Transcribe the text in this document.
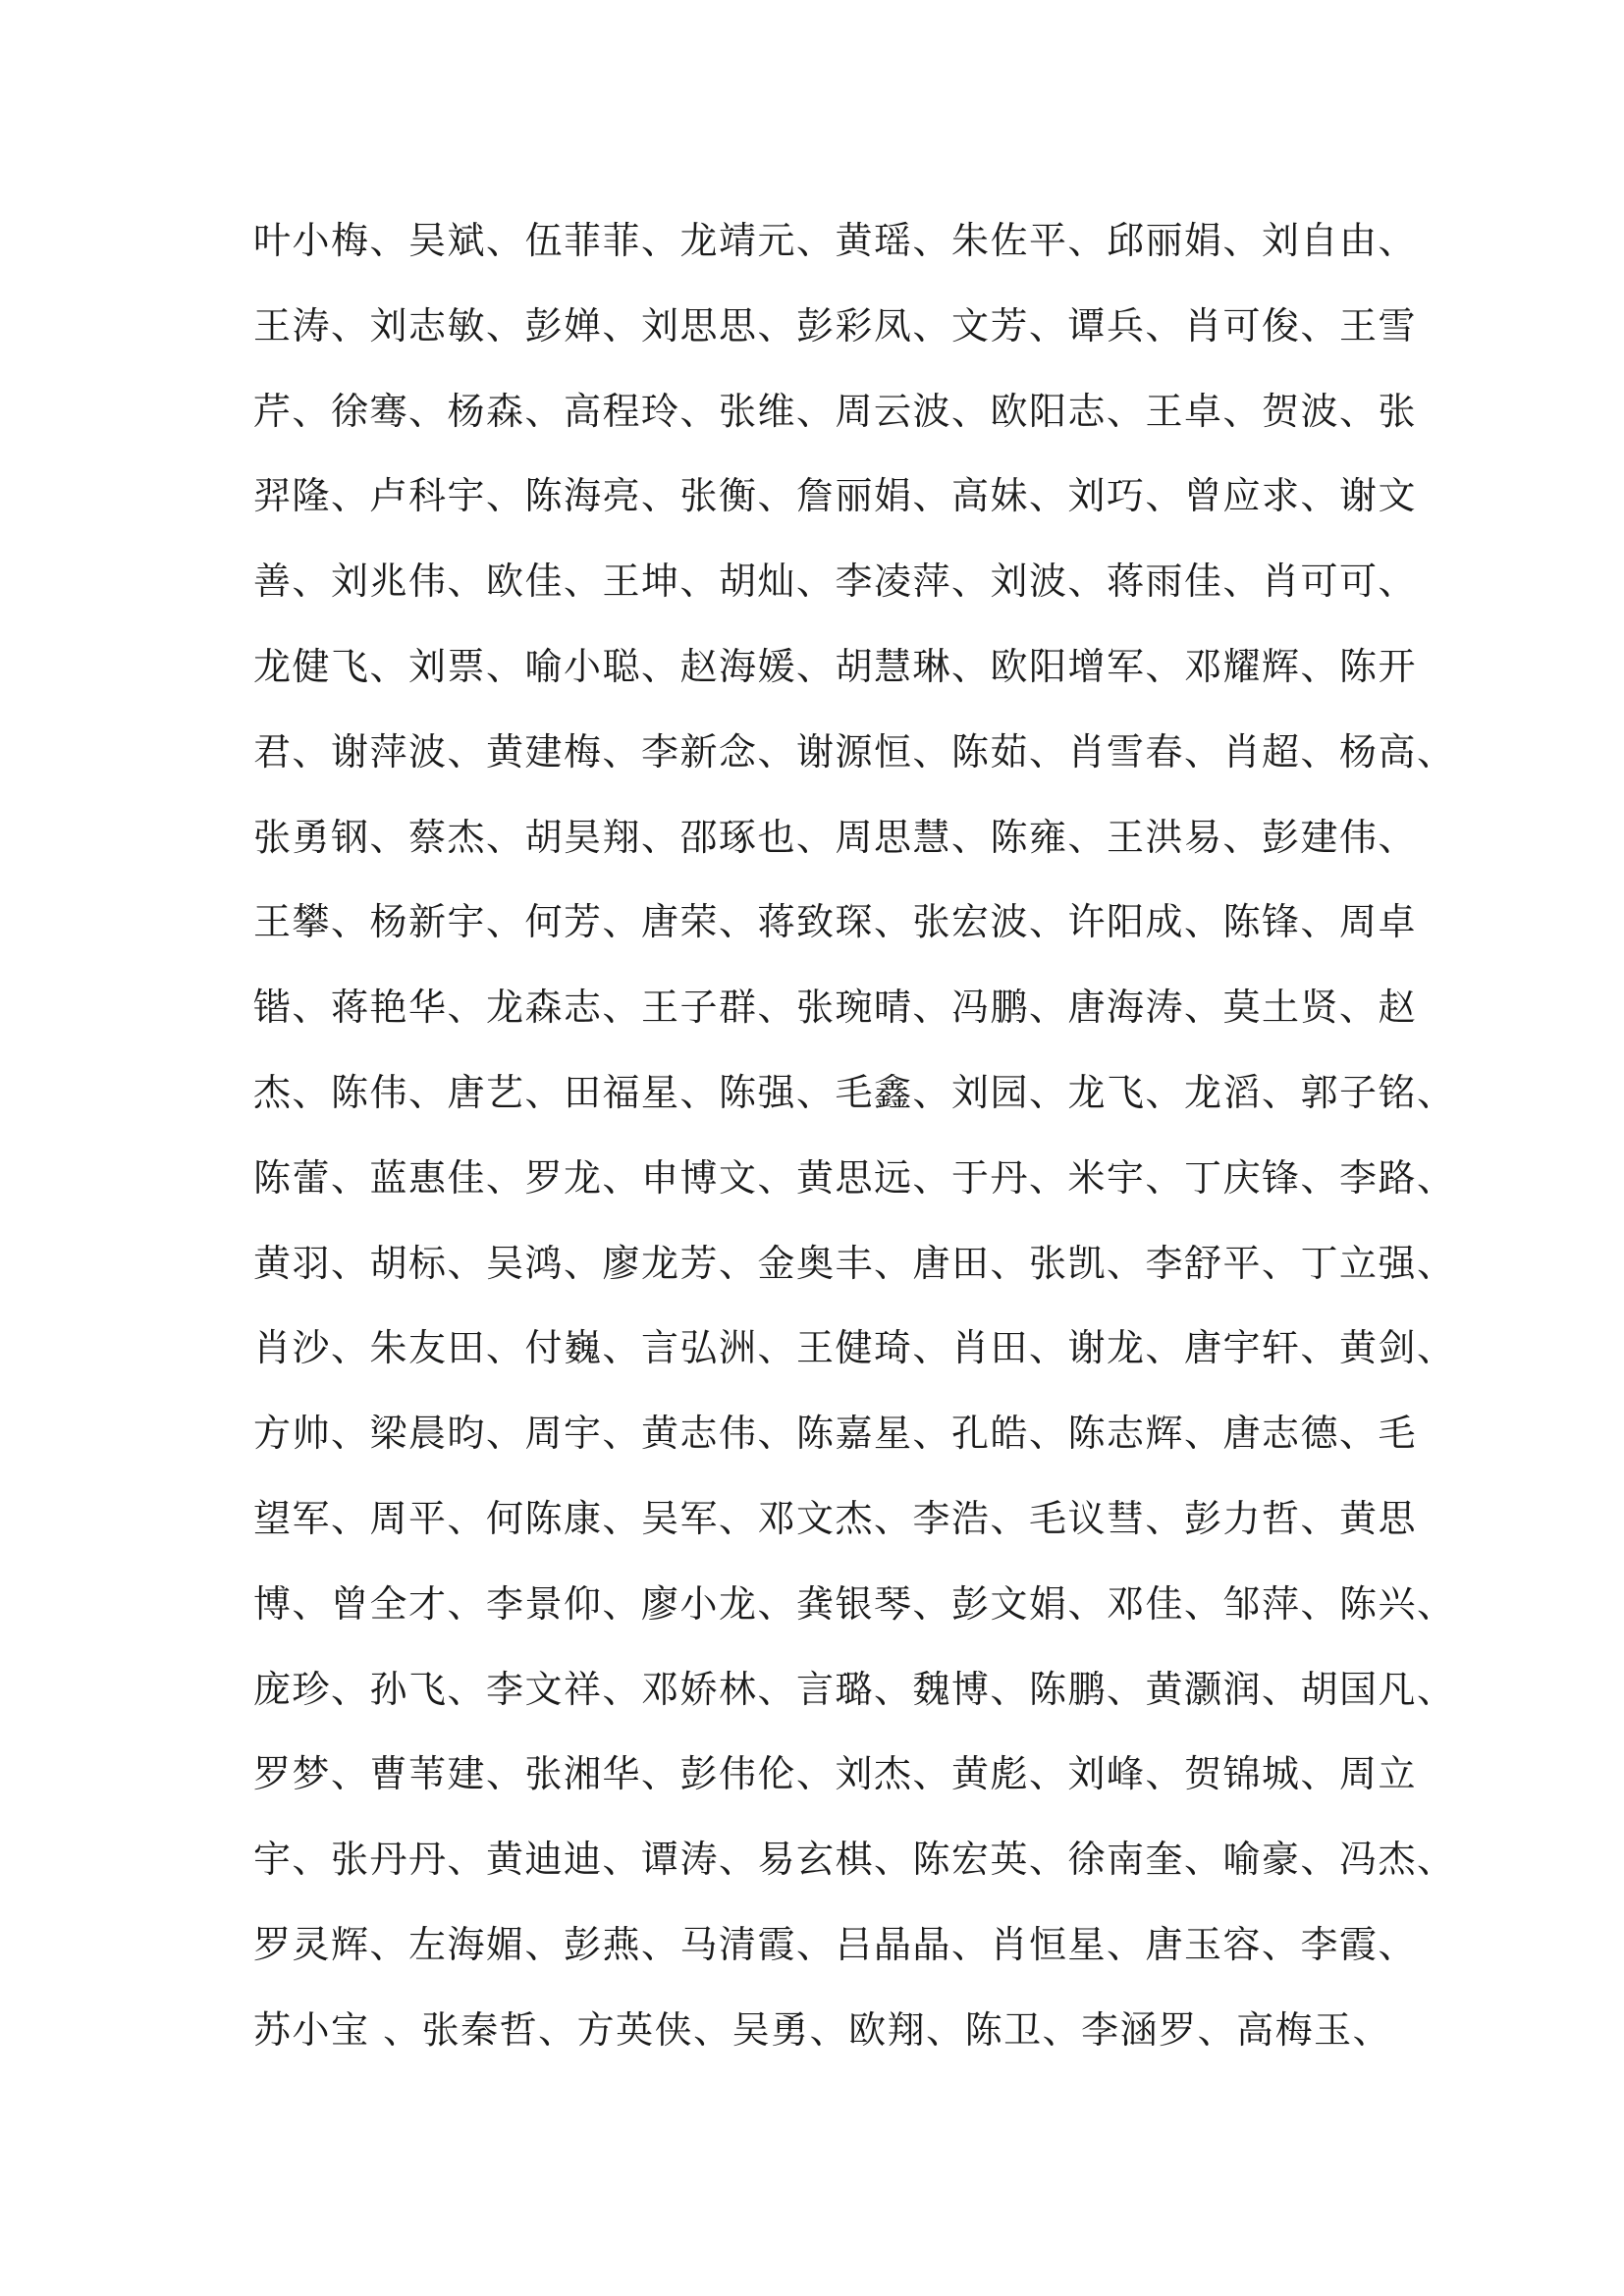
叶小梅、吴斌、伍菲菲、龙靖元、黄瑶、朱佐平、邱丽娟、刘自由、
王涛、刘志敏、彭婵、刘思思、彭彩凤、文芳、谭兵、肖可俊、王雪
芹、徐骞、杨森、高程玲、张维、周云波、欧阳志、王卓、贺波、张
羿隆、卢科宇、陈海亮、张衡、詹丽娟、高妹、刘巧、曾应求、谢文
善、刘兆伟、欧佳、王坤、胡灿、李凌萍、刘波、蒋雨佳、肖可可、
龙健飞、刘票、喻小聪、赵海媛、胡慧琳、欧阳增军、邓耀辉、陈开
君、谢萍波、黄建梅、李新念、谢源恒、陈茹、肖雪春、肖超、杨高、
张勇钢、蔡杰、胡昊翔、邵琢也、周思慧、陈雍、王洪易、彭建伟、
王攀、杨新宇、何芳、唐荣、蒋致琛、张宏波、许阳成、陈锋、周卓
锴、蒋艳华、龙森志、王子群、张琬晴、冯鹏、唐海涛、莫土贤、赵
杰、陈伟、唐艺、田福星、陈强、毛鑫、刘园、龙飞、龙滔、郭子铭、
陈蕾、蓝惠佳、罗龙、申博文、黄思远、于丹、米宇、丁庆锋、李路、
黄羽、胡标、吴鸿、廖龙芳、金奥丰、唐田、张凯、李舒平、丁立强、
肖沙、朱友田、付巍、言弘洲、王健琦、肖田、谢龙、唐宇轩、黄剑、
方帅、梁晨昀、周宇、黄志伟、陈嘉星、孔皓、陈志辉、唐志德、毛
望军、周平、何陈康、吴军、邓文杰、李浩、毛议彗、彭力哲、黄思
博、曾全才、李景仰、廖小龙、龚银琴、彭文娟、邓佳、邹萍、陈兴、
庞珍、孙飞、李文祥、邓娇林、言璐、魏博、陈鹏、黄灏润、胡国凡、
罗梦、曹苇建、张湘华、彭伟伦、刘杰、黄彪、刘峰、贺锦城、周立
宇、张丹丹、黄迪迪、谭涛、易玄棋、陈宏英、徐南奎、喻豪、冯杰、
罗灵辉、左海媚、彭燕、马清霞、吕晶晶、肖恒星、唐玉容、李霞、
苏小宝 、张秦哲、方英侠、吴勇、欧翔、陈卫、李涵罗、高梅玉、
